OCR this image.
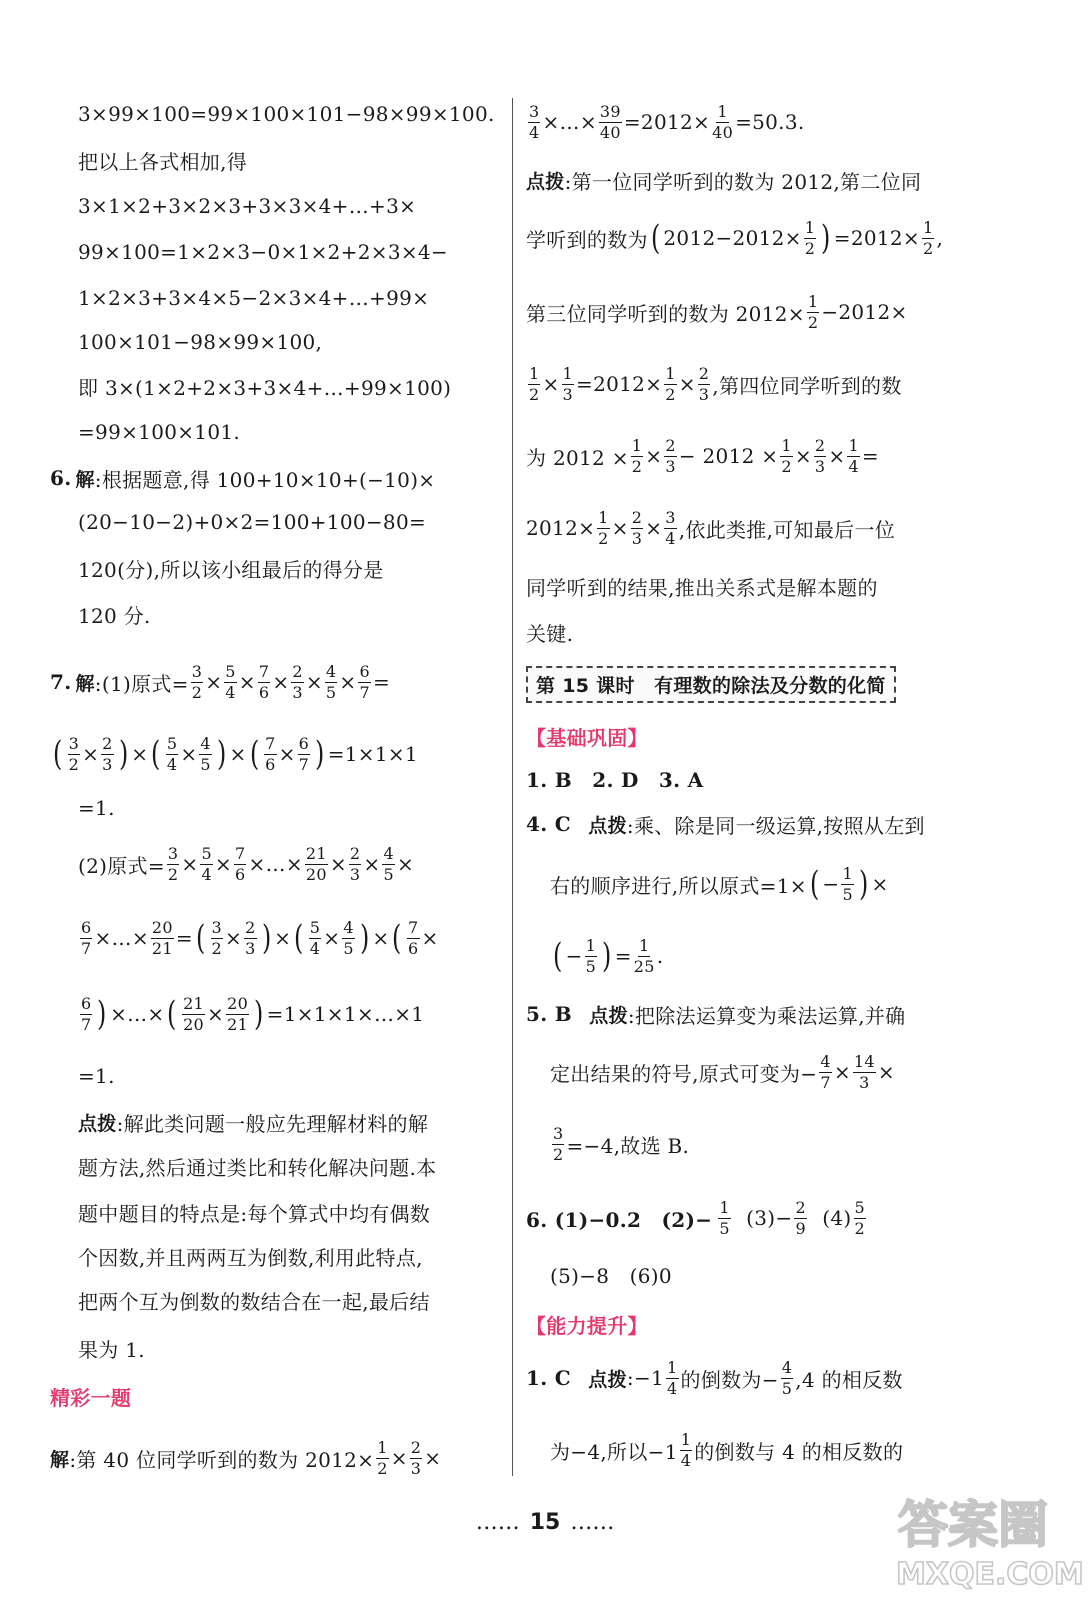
3×99×100=99×100×101−98×99×100.
把以上各式相加,得
3×1×2+3×2×3+3×3×4+…+3×
99×100=1×2×3−0×1×2+2×3×4−
1×2×3+3×4×5−2×3×4+…+99×
100×101−98×99×100,
即 3×(1×2+2×3+3×4+…+99×100)
=99×100×101.
6. 解 :根据题意,得 100+10×10+(−10)×
(20−10−2)+0×2=100+100−80=
120(分),所以该小组最后的得分是
120 分.
7. 解 :(1)原式= $\frac{3}{2} \times \frac{5}{4} \times \frac{7}{6} \times \frac{2}{3} \times \frac{4}{5} \times \frac{6}{7}$ =
( $\frac{3}{2} \times \frac{2}{3}$ ) × ( $\frac{5}{4} \times \frac{4}{5}$ ) × ( $\frac{7}{6} \times \frac{6}{7}$ ) =1×1×1
=1.
(2)原式= $\frac{3}{2} \times \frac{5}{4} \times \frac{7}{6}$ ×…× $\frac{21}{20} \times \frac{2}{3} \times \frac{4}{5}$ ×
$\frac{6}{7}$ ×…× $\frac{20}{21}$ = ( $\frac{3}{2} \times \frac{2}{3}$ ) × ( $\frac{5}{4} \times \frac{4}{5}$ ) × ( $\frac{7}{6}$ ×
$\frac{6}{7}$ ) ×…× ( $\frac{21}{20} \times \frac{20}{21}$ ) =1×1×1×…×1
=1.
点拨 :解此类问题一般应先理解材料的解
题方法,然后通过类比和转化解决问题.本
题中题目的特点是:每个算式中均有偶数
个因数,并且两两互为倒数,利用此特点,
把两个互为倒数的数结合在一起,最后结
果为 1.
精彩一题
解 :第 40 位同学听到的数为 $2012\times \frac{1}{2} \times \frac{2}{3}$ ×
$\frac{3}{4}$ ×…× $\frac{39}{40} =2012\times \frac{1}{40} =50.3$.
点拨 :第一位同学听到的数为 2012,第二位同
学听到的数为 ( $2012-2012\times \frac{1}{2}$ ) $=2012\times \frac{1}{2}$ ,
第三位同学听到的数为 $2012\times \frac{1}{2} -2012\times$
$\frac{1}{2} \times \frac{1}{3} =2012\times \frac{1}{2} \times \frac{2}{3}$ ,第四位同学听到的数
为 $2012 \times \frac{1}{2} \times \frac{2}{3} - 2012 \times \frac{1}{2} \times \frac{2}{3} \times \frac{1}{4}$ =
$2012\times \frac{1}{2} \times \frac{2}{3} \times \frac{3}{4}$ ,依此类推,可知最后一位
同学听到的结果,推出关系式是解本题的
关键.
第 15 课时　有理数的除法及分数的化简
【基础巩固】
1. B　2. D　3. A
4. C
点拨 :乘、除是同一级运算,按照从左到
右的顺序进行,所以原式=1× ( − $\frac{1}{5}$ ) ×
( − $\frac{1}{5}$ ) = $\frac{1}{25}$ .
5. B
点拨 :把除法运算变为乘法运算,并确
定出结果的符号,原式可变为− $\frac{4}{7} \times \frac{14}{3}$ ×
$\frac{3}{2} =-4$,故选 B.
6. (1)−0.2　$(2)- \frac{1}{5}$
$(3)- \frac{2}{9}$
$(4) \frac{5}{2}$
(5)−8　(6)0
【能力提升】
1. C
点拨 :−1 $\frac{1}{4}$ 的倒数为− $\frac{4}{5} ,4$ 的相反数
为−4,所以$-1 \frac{1}{4}$ 的倒数与 4 的相反数的
…… 15 ……	答案圈
MXQE.COM
